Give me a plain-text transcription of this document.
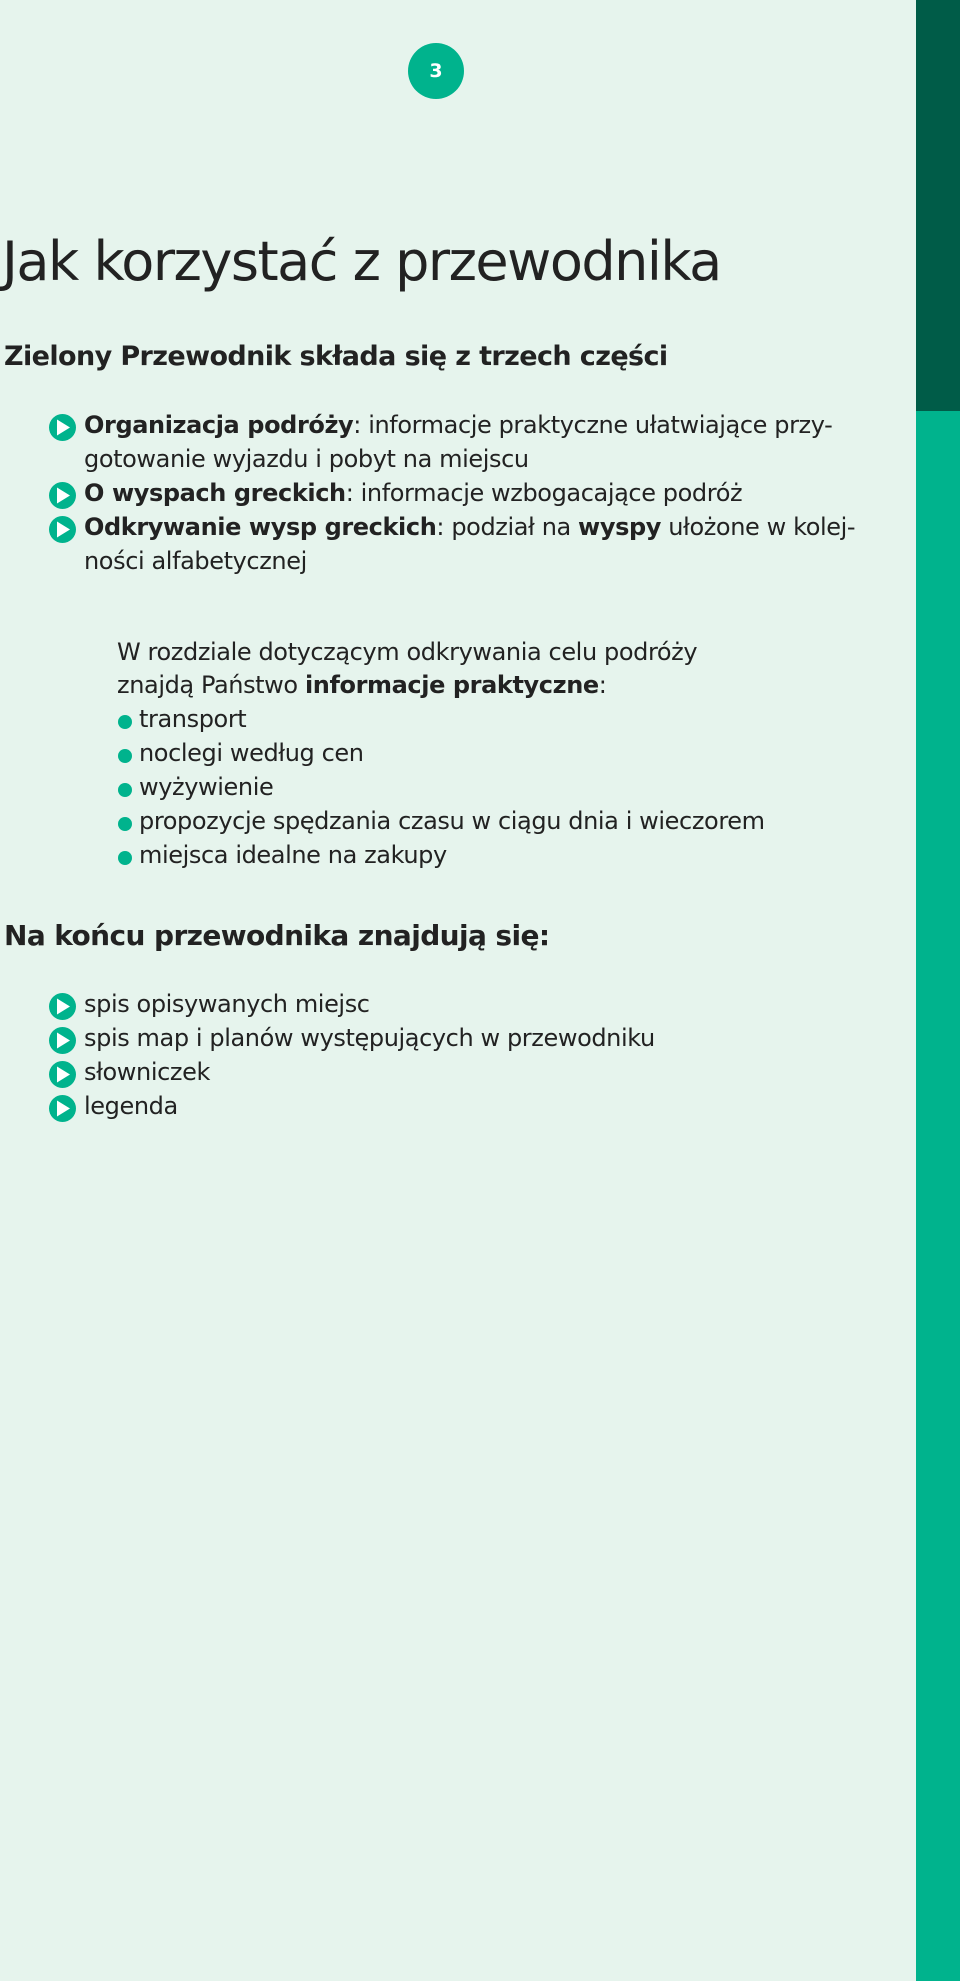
3
Jak korzystać z przewodnika
Zielony Przewodnik składa się z trzech części
Organizacja podróży: informacje praktyczne ułatwiające przy-
gotowanie wyjazdu i pobyt na miejscu
O wyspach greckich: informacje wzbogacające podróż
Odkrywanie wysp greckich: podział na wyspy ułożone w kolej-
ności alfabetycznej
W rozdziale dotyczącym odkrywania celu podróży
znajdą Państwo informacje praktyczne:
transport
noclegi według cen
wyżywienie
propozycje spędzania czasu w ciągu dnia i wieczorem
miejsca idealne na zakupy
Na końcu przewodnika znajdują się:
spis opisywanych miejsc
spis map i planów występujących w przewodniku
słowniczek
legenda
